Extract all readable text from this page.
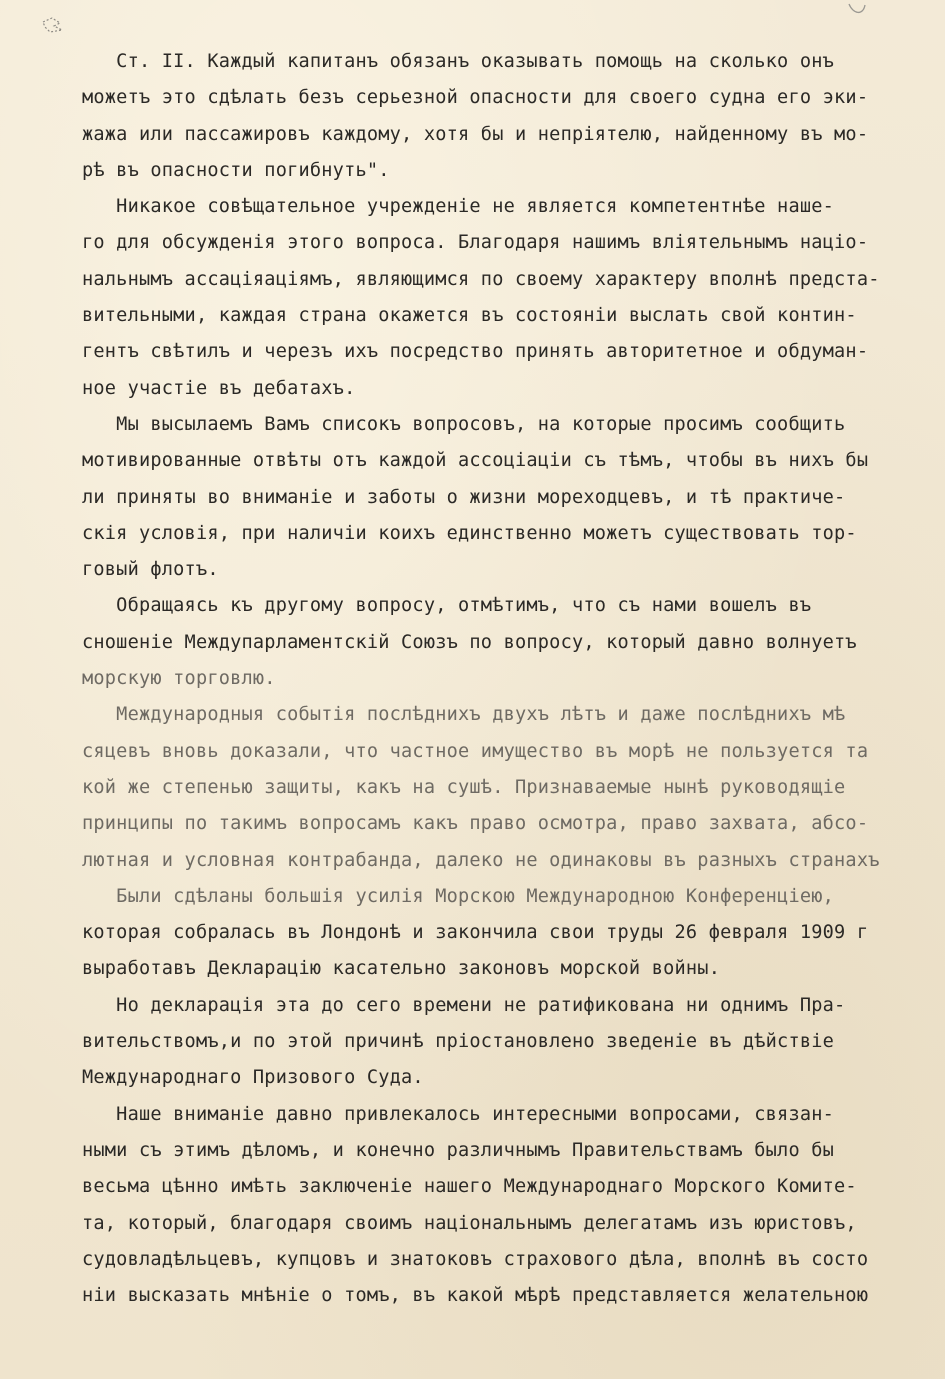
Ст. II. Каждый капитанъ обязанъ оказывать помощь на сколько онъ
можетъ это сдѣлать безъ серьезной опасности для своего судна его эки-
жажа или пассажировъ каждому, хотя бы и непріятелю, найденному въ мо-
рѣ въ опасности погибнуть".
Никакое совѣщательное учрежденіе не является компетентнѣе наше-
го для обсужденія этого вопроса. Благодаря нашимъ вліятельнымъ націо-
нальнымъ ассаціяаціямъ, являющимся по своему характеру вполнѣ предста-
вительными, каждая страна окажется въ состояніи выслать свой контин-
гентъ свѣтилъ и черезъ ихъ посредство принять авторитетное и обдуман-
ное участіе въ дебатахъ.
Мы высылаемъ Вамъ списокъ вопросовъ, на которые просимъ сообщить
мотивированные отвѣты отъ каждой ассоціаціи съ тѣмъ, чтобы въ нихъ бы
ли приняты во вниманіе и заботы о жизни мореходцевъ, и тѣ практиче-
скія условія, при наличіи коихъ единственно можетъ существовать тор-
говый флотъ.
Обращаясь къ другому вопросу, отмѣтимъ, что съ нами вошелъ въ
сношеніе Междупарламентскій Союзъ по вопросу, который давно волнуетъ
морскую торговлю.
Международныя событія послѣднихъ двухъ лѣтъ и даже послѣднихъ мѣ
сяцевъ вновь доказали, что частное имущество въ морѣ не пользуется та
кой же степенью защиты, какъ на сушѣ. Признаваемые нынѣ руководящіе
принципы по такимъ вопросамъ какъ право осмотра, право захвата, абсо-
лютная и условная контрабанда, далеко не одинаковы въ разныхъ странахъ
Были сдѣланы большія усилія Морскою Международною Конференціею,
которая собралась въ Лондонѣ и закончила свои труды 26 февраля 1909 г
выработавъ Декларацію касательно законовъ морской войны.
Но декларація эта до сего времени не ратификована ни однимъ Пра-
вительствомъ,и по этой причинѣ пріостановлено зведеніе въ дѣйствіе
Международнаго Призового Суда.
Наше вниманіе давно привлекалось интересными вопросами, связан-
ными съ этимъ дѣломъ, и конечно различнымъ Правительствамъ было бы
весьма цѣнно имѣть заключеніе нашего Международнаго Морского Комите-
та, который, благодаря своимъ національнымъ делегатамъ изъ юристовъ,
судовладѣльцевъ, купцовъ и знатоковъ страхового дѣла, вполнѣ въ состо
ніи высказать мнѣніе о томъ, въ какой мѣрѣ представляется желательною
